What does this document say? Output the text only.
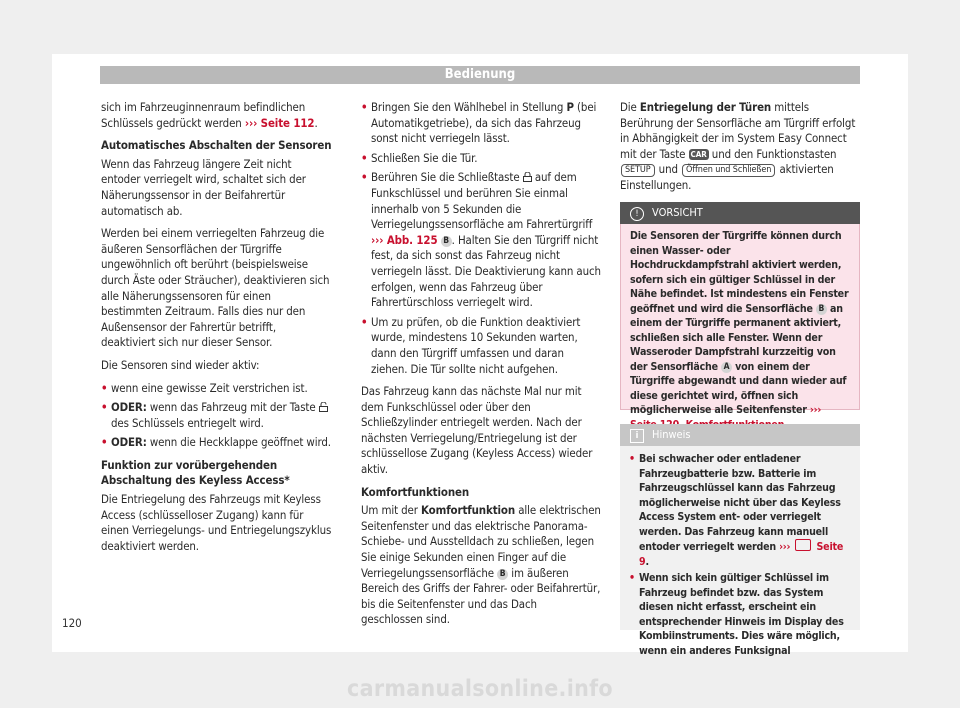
Bedienung

sich im Fahrzeuginnenraum befindlichen Schlüssels gedrückt werden ››› Seite 112.

Automatisches Abschalten der Sensoren

Wenn das Fahrzeug längere Zeit nicht entoder verriegelt wird, schaltet sich der Näherungssensor in der Beifahrertür automatisch ab.

Werden bei einem verriegelten Fahrzeug die äußeren Sensorflächen der Türgriffe ungewöhnlich oft berührt (beispielsweise durch Äste oder Sträucher), deaktivieren sich alle Näherungssensoren für einen bestimmten Zeitraum. Falls dies nur den Außensensor der Fahrertür betrifft, deaktiviert sich nur dieser Sensor.

Die Sensoren sind wieder aktiv:

• wenn eine gewisse Zeit verstrichen ist.
• ODER: wenn das Fahrzeug mit der Taste  des Schlüssels entriegelt wird.
• ODER: wenn die Heckklappe geöffnet wird.

Funktion zur vorübergehenden Abschaltung des Keyless Access*

Die Entriegelung des Fahrzeugs mit Keyless Access (schlüsselloser Zugang) kann für einen Verriegelungs- und Entriegelungszyklus deaktiviert werden.

• Bringen Sie den Wählhebel in Stellung P (bei Automatikgetriebe), da sich das Fahrzeug sonst nicht verriegeln lässt.
• Schließen Sie die Tür.
• Berühren Sie die Schließtaste  auf dem Funkschlüssel und berühren Sie einmal innerhalb von 5 Sekunden die Verriegelungssensorfläche am Fahrertürgriff ››› Abb. 125 B . Halten Sie den Türgriff nicht fest, da sich sonst das Fahrzeug nicht verriegeln lässt. Die Deaktivierung kann auch erfolgen, wenn das Fahrzeug über Fahrertürschloss verriegelt wird.
• Um zu prüfen, ob die Funktion deaktiviert wurde, mindestens 10 Sekunden warten, dann den Türgriff umfassen und daran ziehen. Die Tür sollte nicht aufgehen.

Das Fahrzeug kann das nächste Mal nur mit dem Funkschlüssel oder über den Schließzylinder entriegelt werden. Nach der nächsten Verriegelung/Entriegelung ist der schlüssellose Zugang (Keyless Access) wieder aktiv.

Komfortfunktionen

Um mit der Komfortfunktion alle elektrischen Seitenfenster und das elektrische Panorama-Schiebe- und Ausstelldach zu schließen, legen Sie einige Sekunden einen Finger auf die Verriegelungssensorfläche B im äußeren Bereich des Griffs der Fahrer- oder Beifahrertür, bis die Seitenfenster und das Dach geschlossen sind.

Die Entriegelung der Türen mittels Berührung der Sensorfläche am Türgriff erfolgt in Abhängigkeit der im System Easy Connect mit der Taste CAR und den Funktionstasten SETUP und Öffnen und Schließen aktivierten Einstellungen.

! VORSICHT
Die Sensoren der Türgriffe können durch einen Wasser- oder Hochdruckdampfstrahl aktiviert werden, sofern sich ein gültiger Schlüssel in der Nähe befindet. Ist mindestens ein Fenster geöffnet und wird die Sensorfläche B an einem der Türgriffe permanent aktiviert, schließen sich alle Fenster. Wenn der Wasseroder Dampfstrahl kurzzeitig von der Sensorfläche A von einem der Türgriffe abgewandt und dann wieder auf diese gerichtet wird, öffnen sich möglicherweise alle Seitenfenster ›››
i Hinweis
• Bei schwacher oder entladener Fahrzeugbatterie bzw. Batterie im Fahrzeugschlüssel kann das Fahrzeug möglicherweise nicht über das Keyless Access System ent- oder verriegelt werden. Das Fahrzeug kann manuell entoder verriegelt werden ››› Seite 9.
• Wenn sich kein gültiger Schlüssel im Fahrzeug befindet bzw. das System diesen nicht erfasst, erscheint ein entsprechender Hinweis im Display des Kombiinstruments. Dies wäre möglich, wenn ein anderes Funksignal
120
carmanualsonline.info
